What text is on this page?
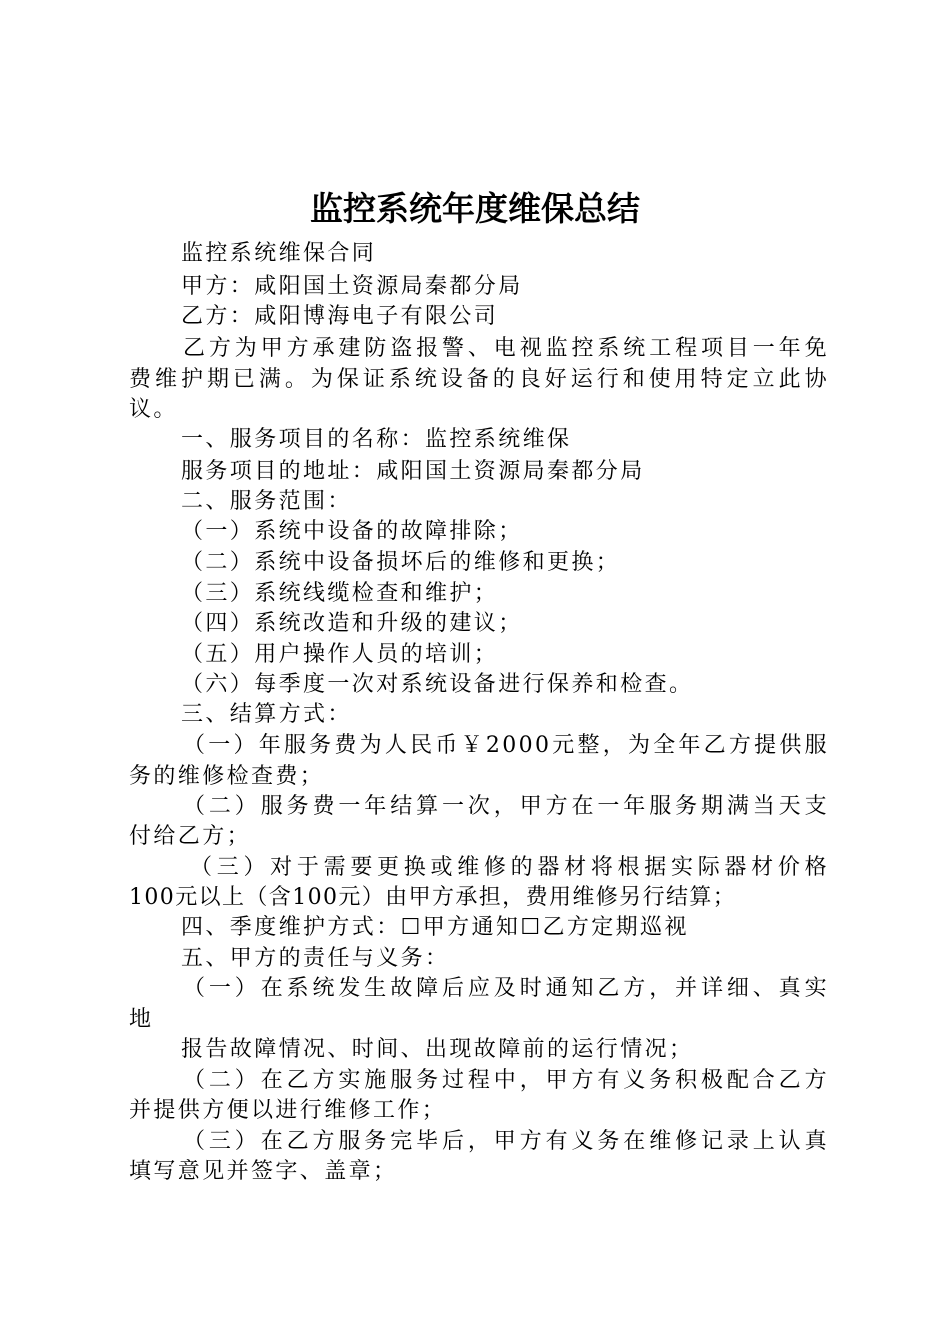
监控系统年度维保总结
监控系统维保合同
甲方：咸阳国土资源局秦都分局
乙方：咸阳博海电子有限公司
乙方为甲方承建防盗报警、电视监控系统工程项目一年免
费维护期已满。为保证系统设备的良好运行和使用特定立此协
议。
一、服务项目的名称：监控系统维保
服务项目的地址：咸阳国土资源局秦都分局
二、服务范围：
（一）系统中设备的故障排除；
（二）系统中设备损坏后的维修和更换；
（三）系统线缆检查和维护；
（四）系统改造和升级的建议；
（五）用户操作人员的培训；
（六）每季度一次对系统设备进行保养和检查。
三、结算方式：
（一）年服务费为人民币￥2000元整，为全年乙方提供服
务的维修检查费；
（二）服务费一年结算一次，甲方在一年服务期满当天支
付给乙方；
（三）对于需要更换或维修的器材将根据实际器材价格
100元以上（含100元）由甲方承担，费用维修另行结算；
四、季度维护方式：☐甲方通知☐乙方定期巡视
五、甲方的责任与义务：
（一）在系统发生故障后应及时通知乙方，并详细、真实
地
报告故障情况、时间、出现故障前的运行情况；
（二）在乙方实施服务过程中，甲方有义务积极配合乙方
并提供方便以进行维修工作；
（三）在乙方服务完毕后，甲方有义务在维修记录上认真
填写意见并签字、盖章；
